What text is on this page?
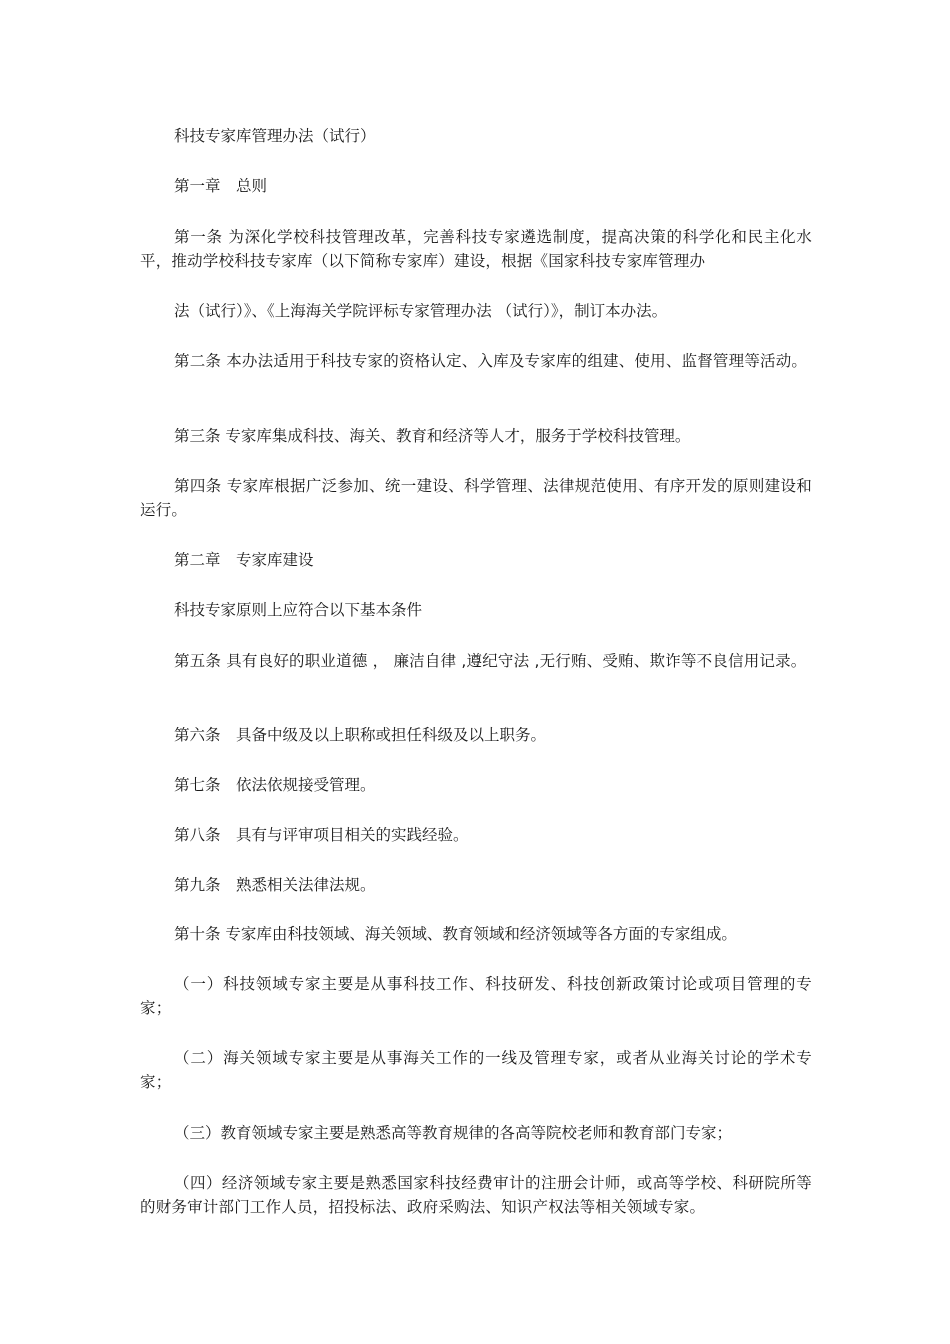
科技专家库管理办法（试行）

第一章　总则

第一条 为深化学校科技管理改革，完善科技专家遴选制度，提高决策的科学化和民主化水平，推动学校科技专家库（以下简称专家库）建设，根据《国家科技专家库管理办

法（试行）》、《上海海关学院评标专家管理办法 （试行）》，制订本办法。

第二条 本办法适用于科技专家的资格认定、入库及专家库的组建、使用、监督管理等活动。

第三条 专家库集成科技、海关、教育和经济等人才，服务于学校科技管理。

第四条 专家库根据广泛参加、统一建设、科学管理、法律规范使用、有序开发的原则建设和运行。

第二章　专家库建设

科技专家原则上应符合以下基本条件

第五条 具有良好的职业道德 ， 廉洁自律 ,遵纪守法 ,无行贿、受贿、欺诈等不良信用记录。

第六条　具备中级及以上职称或担任科级及以上职务。

第七条　依法依规接受管理。

第八条　具有与评审项目相关的实践经验。

第九条　熟悉相关法律法规。

第十条 专家库由科技领域、海关领域、教育领域和经济领域等各方面的专家组成。

（一）科技领域专家主要是从事科技工作、科技研发、科技创新政策讨论或项目管理的专家；

（二）海关领域专家主要是从事海关工作的一线及管理专家，或者从业海关讨论的学术专家；

（三）教育领域专家主要是熟悉高等教育规律的各高等院校老师和教育部门专家；

（四）经济领域专家主要是熟悉国家科技经费审计的注册会计师，或高等学校、科研院所等的财务审计部门工作人员，招投标法、政府采购法、知识产权法等相关领域专家。
